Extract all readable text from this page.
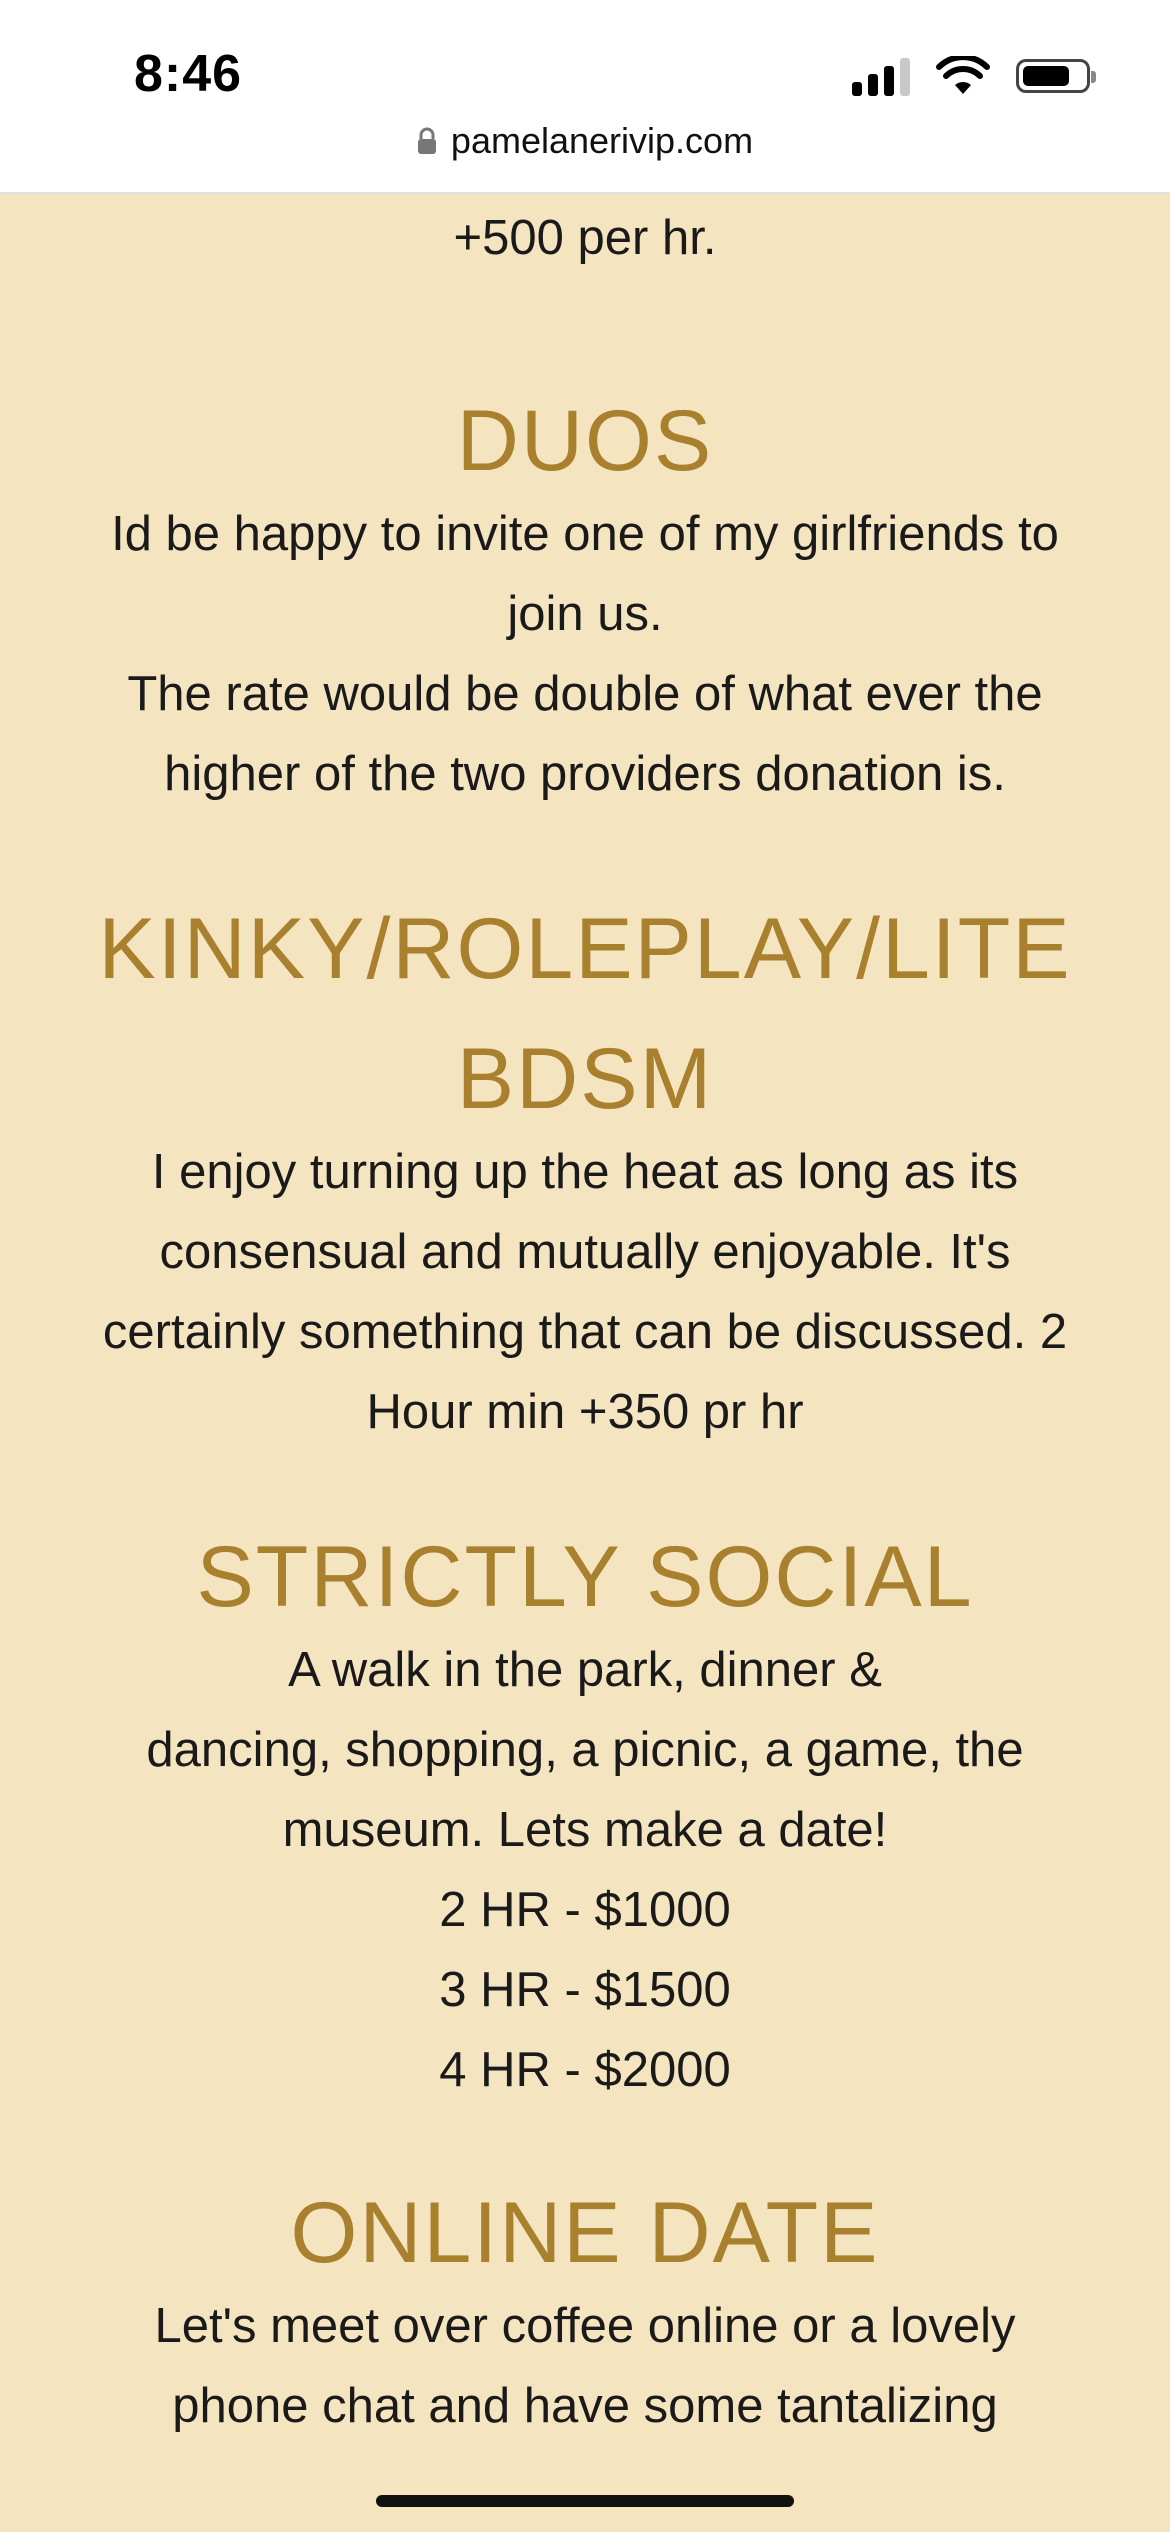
8:46
pamelanerivip.com
+500 per hr.
DUOS
Id be happy to invite one of my girlfriends to
join us.
The rate would be double of what ever the
higher of the two providers donation is.
KINKY/ROLEPLAY/LITE
BDSM
I enjoy turning up the heat as long as its
consensual and mutually enjoyable. It's
certainly something that can be discussed. 2
Hour min +350 pr hr
STRICTLY SOCIAL
A walk in the park, dinner &
dancing, shopping, a picnic, a game, the
museum. Lets make a date!
2 HR - $1000
3 HR - $1500
4 HR - $2000
ONLINE DATE
Let's meet over coffee online or a lovely
phone chat and have some tantalizing
